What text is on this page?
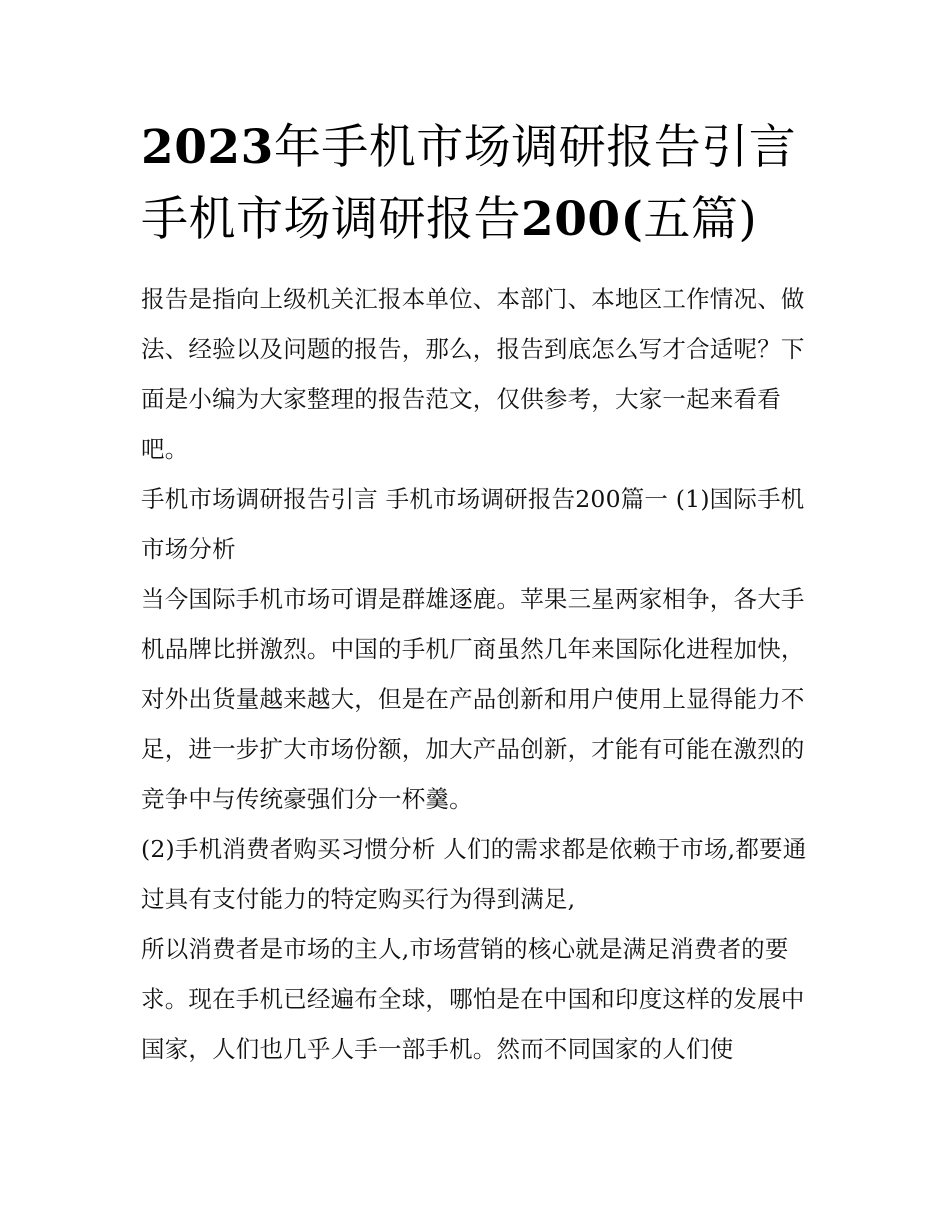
2023年手机市场调研报告引言
手机市场调研报告200(五篇)

报告是指向上级机关汇报本单位、本部门、本地区工作情况、做法、经验以及问题的报告，那么，报告到底怎么写才合适呢？下面是小编为大家整理的报告范文，仅供参考，大家一起来看看吧。

手机市场调研报告引言 手机市场调研报告200篇一 (1)国际手机市场分析

当今国际手机市场可谓是群雄逐鹿。苹果三星两家相争，各大手机品牌比拼激烈。中国的手机厂商虽然几年来国际化进程加快，对外出货量越来越大，但是在产品创新和用户使用上显得能力不足，进一步扩大市场份额，加大产品创新，才能有可能在激烈的竞争中与传统豪强们分一杯羹。

(2)手机消费者购买习惯分析 人们的需求都是依赖于市场,都要通过具有支付能力的特定购买行为得到满足,

所以消费者是市场的主人,市场营销的核心就是满足消费者的要求。现在手机已经遍布全球，哪怕是在中国和印度这样的发展中国家，人们也几乎人手一部手机。然而不同国家的人们使
